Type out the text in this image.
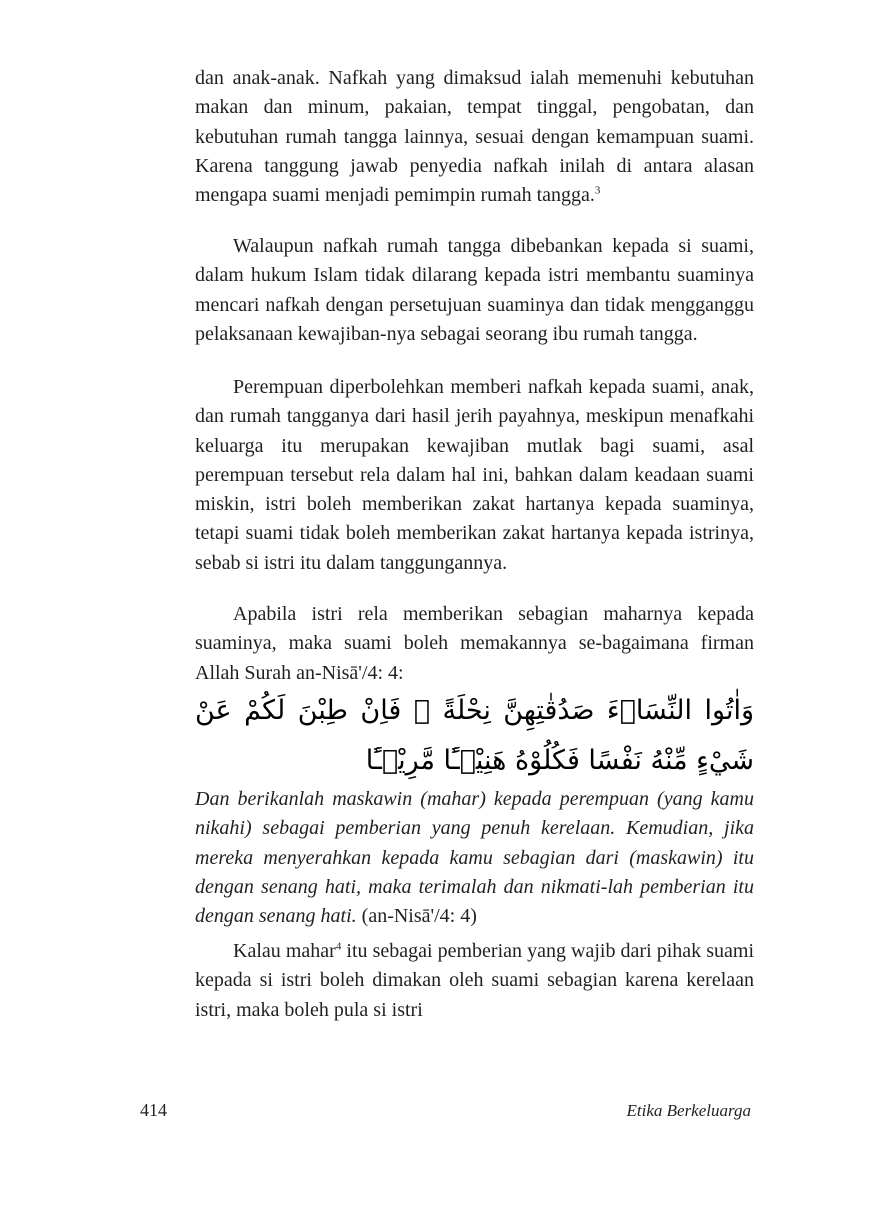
dan anak-anak. Nafkah yang dimaksud ialah memenuhi kebutuhan makan dan minum, pakaian, tempat tinggal, pengobatan, dan kebutuhan rumah tangga lainnya, sesuai dengan kemampuan suami. Karena tanggung jawab penyedia nafkah inilah di antara alasan mengapa suami menjadi pemimpin rumah tangga.$^3$

Walaupun nafkah rumah tangga dibebankan kepada si suami, dalam hukum Islam tidak dilarang kepada istri membantu suaminya mencari nafkah dengan persetujuan suaminya dan tidak mengganggu pelaksanaan kewajiban-nya sebagai seorang ibu rumah tangga.

Perempuan diperbolehkan memberi nafkah kepada suami, anak, dan rumah tangganya dari hasil jerih payahnya, meskipun menafkahi keluarga itu merupakan kewajiban mutlak bagi suami, asal perempuan tersebut rela dalam hal ini, bahkan dalam keadaan suami miskin, istri boleh memberikan zakat hartanya kepada suaminya, tetapi suami tidak boleh memberikan zakat hartanya kepada istrinya, sebab si istri itu dalam tanggungannya.

Apabila istri rela memberikan sebagian maharnya kepada suaminya, maka suami boleh memakannya se-bagaimana firman Allah Surah an-Nisā'/4: 4:

وَاٰتُوا النِّسَاۤءَ صَدُقٰتِهِنَّ نِحْلَةً ۗ فَاِنْ طِبْنَ لَكُمْ عَنْ شَيْءٍ مِّنْهُ نَفْسًا فَكُلُوْهُ هَنِيْۤـًٔا مَّرِيْۤـًٔا

Dan berikanlah maskawin (mahar) kepada perempuan (yang kamu nikahi) sebagai pemberian yang penuh kerelaan. Kemudian, jika mereka menyerahkan kepada kamu sebagian dari (maskawin) itu dengan senang hati, maka terimalah dan nikmati-lah pemberian itu dengan senang hati. (an-Nisā'/4: 4)

Kalau mahar$^4$ itu sebagai pemberian yang wajib dari pihak suami kepada si istri boleh dimakan oleh suami sebagian karena kerelaan istri, maka boleh pula si istri

414	Etika Berkeluarga
